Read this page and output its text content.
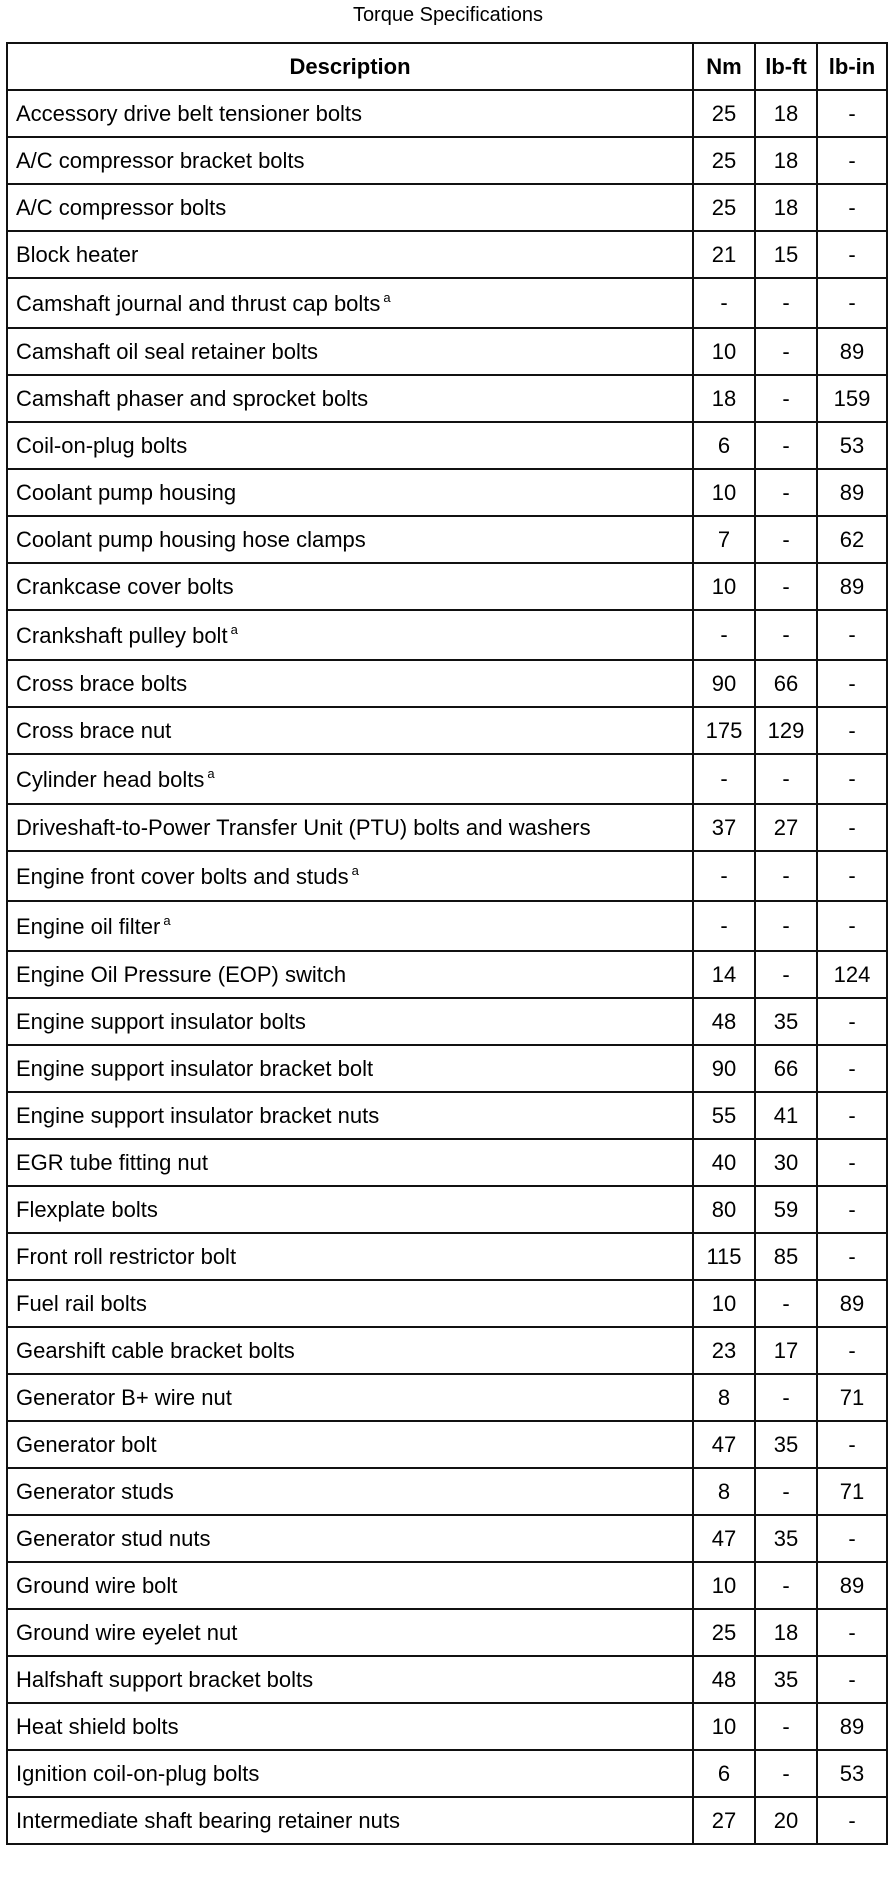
Torque Specifications
Description	Nm	lb-ft	lb-in
Accessory drive belt tensioner bolts	25	18	-
A/C compressor bracket bolts	25	18	-
A/C compressor bolts	25	18	-
Block heater	21	15	-
Camshaft journal and thrust cap bolts $^a$	-	-	-
Camshaft oil seal retainer bolts	10	-	89
Camshaft phaser and sprocket bolts	18	-	159
Coil-on-plug bolts	6	-	53
Coolant pump housing	10	-	89
Coolant pump housing hose clamps	7	-	62
Crankcase cover bolts	10	-	89
Crankshaft pulley bolt $^a$	-	-	-
Cross brace bolts	90	66	-
Cross brace nut	175	129	-
Cylinder head bolts $^a$	-	-	-
Driveshaft-to-Power Transfer Unit (PTU) bolts and washers	37	27	-
Engine front cover bolts and studs $^a$	-	-	-
Engine oil filter $^a$	-	-	-
Engine Oil Pressure (EOP) switch	14	-	124
Engine support insulator bolts	48	35	-
Engine support insulator bracket bolt	90	66	-
Engine support insulator bracket nuts	55	41	-
EGR tube fitting nut	40	30	-
Flexplate bolts	80	59	-
Front roll restrictor bolt	115	85	-
Fuel rail bolts	10	-	89
Gearshift cable bracket bolts	23	17	-
Generator B+ wire nut	8	-	71
Generator bolt	47	35	-
Generator studs	8	-	71
Generator stud nuts	47	35	-
Ground wire bolt	10	-	89
Ground wire eyelet nut	25	18	-
Halfshaft support bracket bolts	48	35	-
Heat shield bolts	10	-	89
Ignition coil-on-plug bolts	6	-	53
Intermediate shaft bearing retainer nuts	27	20	-
